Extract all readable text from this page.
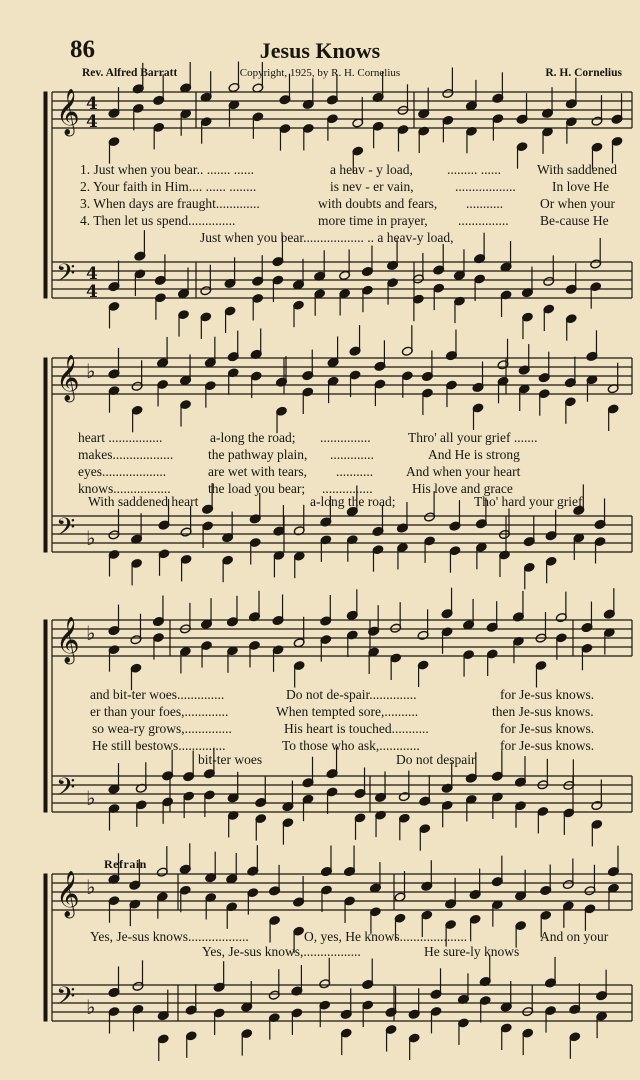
86	Jesus Knows
Rev. Alfred Barratt	Copyright, 1925, by R. H. Cornelius	R. H. Cornelius
𝄞 4
4
𝄢 4
4
𝄞 ♭
𝄢 ♭
𝄞 ♭
𝄢 ♭
𝄞 ♭
𝄢 ♭
1. Just when you bear.. ....... ......	a heav - y load,	......... ......	With saddened
2. Your faith in Him.... ...... ........	is nev - er vain,	..................	In love He
3. When days are fraught.............	with doubts and fears, ...........	Or when your
4. Then let us spend..............	more time in prayer, ............... Be-cause He
Just when you bear.................. .. a heav-y load,
heart ................	a-long the road; ...............	Thro' all your grief .......
makes..................	the pathway plain, .............	And He is strong
eyes...................	are wet with tears, ........... And when your heart
knows.................	the load you bear; ...............	His love and grace
With saddened heart	a-long the road;	Tho' hard your grief
and bit-ter woes..............	Do not de-spair..............	for Je-sus knows.
er than your foes,.............	When tempted sore,..........	then Je-sus knows.
so wea-ry grows,..............	His heart is touched...........	for Je-sus knows.
He still bestows..............	To those who ask,............	for Je-sus knows.
bit-ter woes	Do not despair
Refrain
Yes, Je-sus knows..................	O, yes, He knows....................	And on your
Yes, Je-sus knows,.................	He sure-ly knows
